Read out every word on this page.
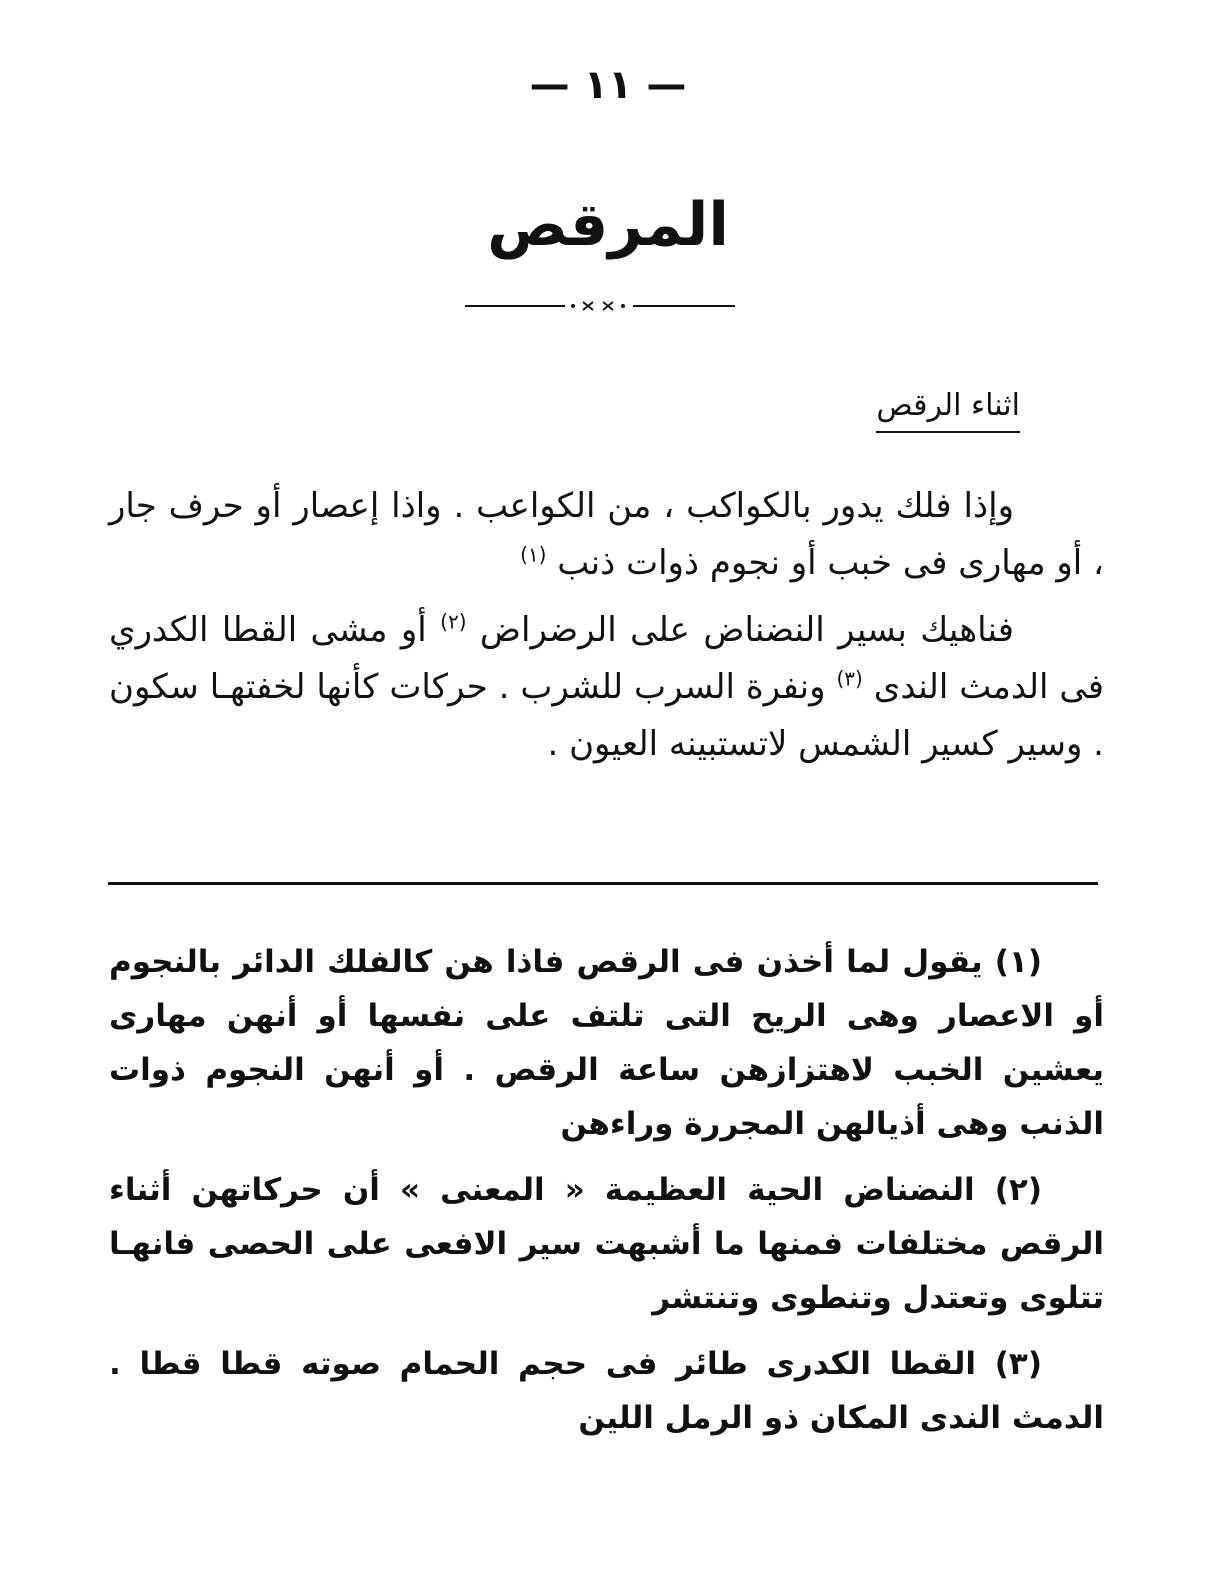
— ١١ —
المرقص
اثناء الرقص

وإذا فلك يدور بالكواكب ، من الكواعب . واذا إعصار أو حرف جار ، أو مهارى فى خبب أو نجوم ذوات ذنب $^{(١)}$

فناهيك بسير النضناض على الرضراض $^{(٢)}$ أو مشى القطا الكدري فى الدمث الندى $^{(٣)}$ ونفرة السرب للشرب . حركات كأنها لخفتهـا سكون . وسير كسير الشمس لاتستبينه العيون .

(١) يقول لما أخذن فى الرقص فاذا هن كالفلك الدائر بالنجوم أو الاعصار وهى الريح التى تلتف على نفسها أو أنهن مهارى يعشين الخبب لاهتزازهن ساعة الرقص . أو أنهن النجوم ذوات الذنب وهى أذيالهن المجررة وراءهن

(٢) النضناض الحية العظيمة « المعنى » أن حركاتهن أثناء الرقص مختلفات فمنها ما أشبهت سير الافعى على الحصى فانهـا تتلوى وتعتدل وتنطوى وتنتشر

(٣) القطا الكدرى طائر فى حجم الحمام صوته قطا قطا . الدمث الندى المكان ذو الرمل اللين
